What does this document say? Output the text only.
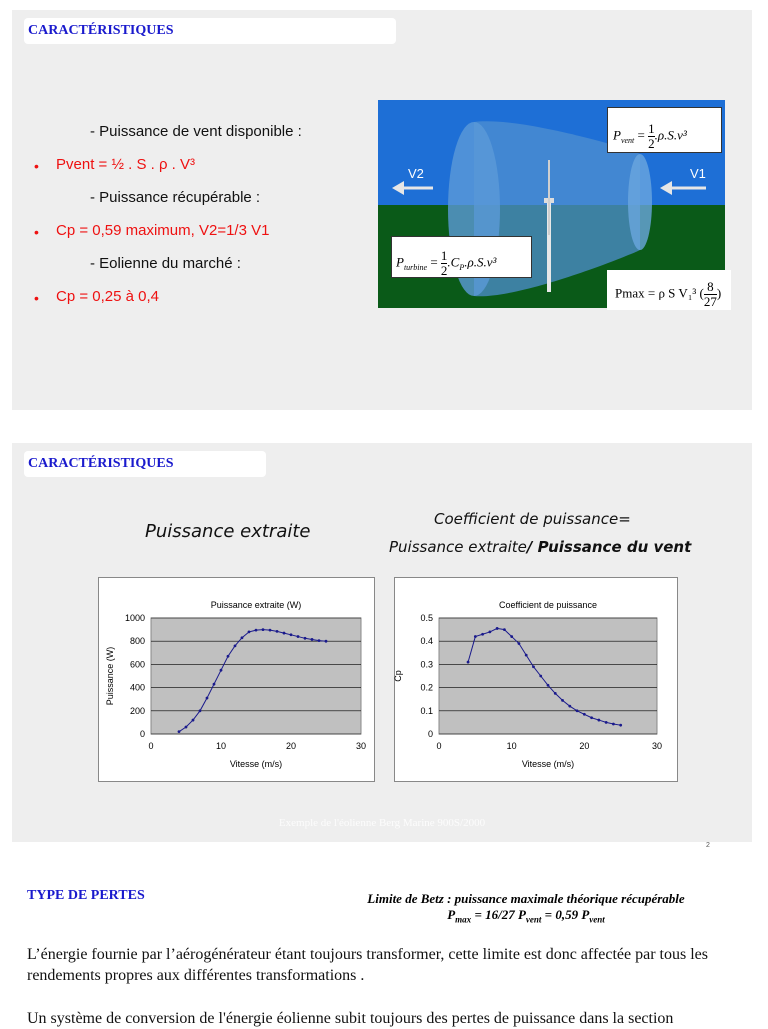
CARACTÉRISTIQUES
- Puissance de vent disponible :
• Pvent = ½ . S . ρ . V³
- Puissance récupérable :
• Cp = 0,59 maximum, V2=1/3 V1
- Eolienne du marché :
• Cp = 0,25 à 0,4
V2	V1
$P_{vent} = \frac{1}{2} .\rho.S.v^3$
$P_{turbine} = \frac{1}{2} .C_P.\rho.S.v^3$
Pmax = ρ S V₁³ ( $\frac{8}{27}$ )
CARACTÉRISTIQUES
Puissance extraite
Coefficient de puissance=
Puissance extraite/ Puissance du vent
0
200
400
600
800
1000
0	10	20	30
Puissance extraite (W)
Vitesse (m/s)
Puissance (W)
0
0.1
0.2
0.3
0.4
0.5
0	10	20	30
Coefficient de puissance
Vitesse (m/s)
Cp
Exemple de l'éolienne Berg Marine 900S/2000
2
TYPE DE PERTES	Limite de Betz : puissance maximale théorique récupérable
$P_{max} = 16/27$ $P_{vent} = 0,59$ $P_{vent}$
L’énergie fournie par l’aérogénérateur étant toujours transformer, cette limite est donc affectée par tous les rendements propres aux différentes transformations .
Un système de conversion de l'énergie éolienne subit toujours des pertes de puissance dans la section
